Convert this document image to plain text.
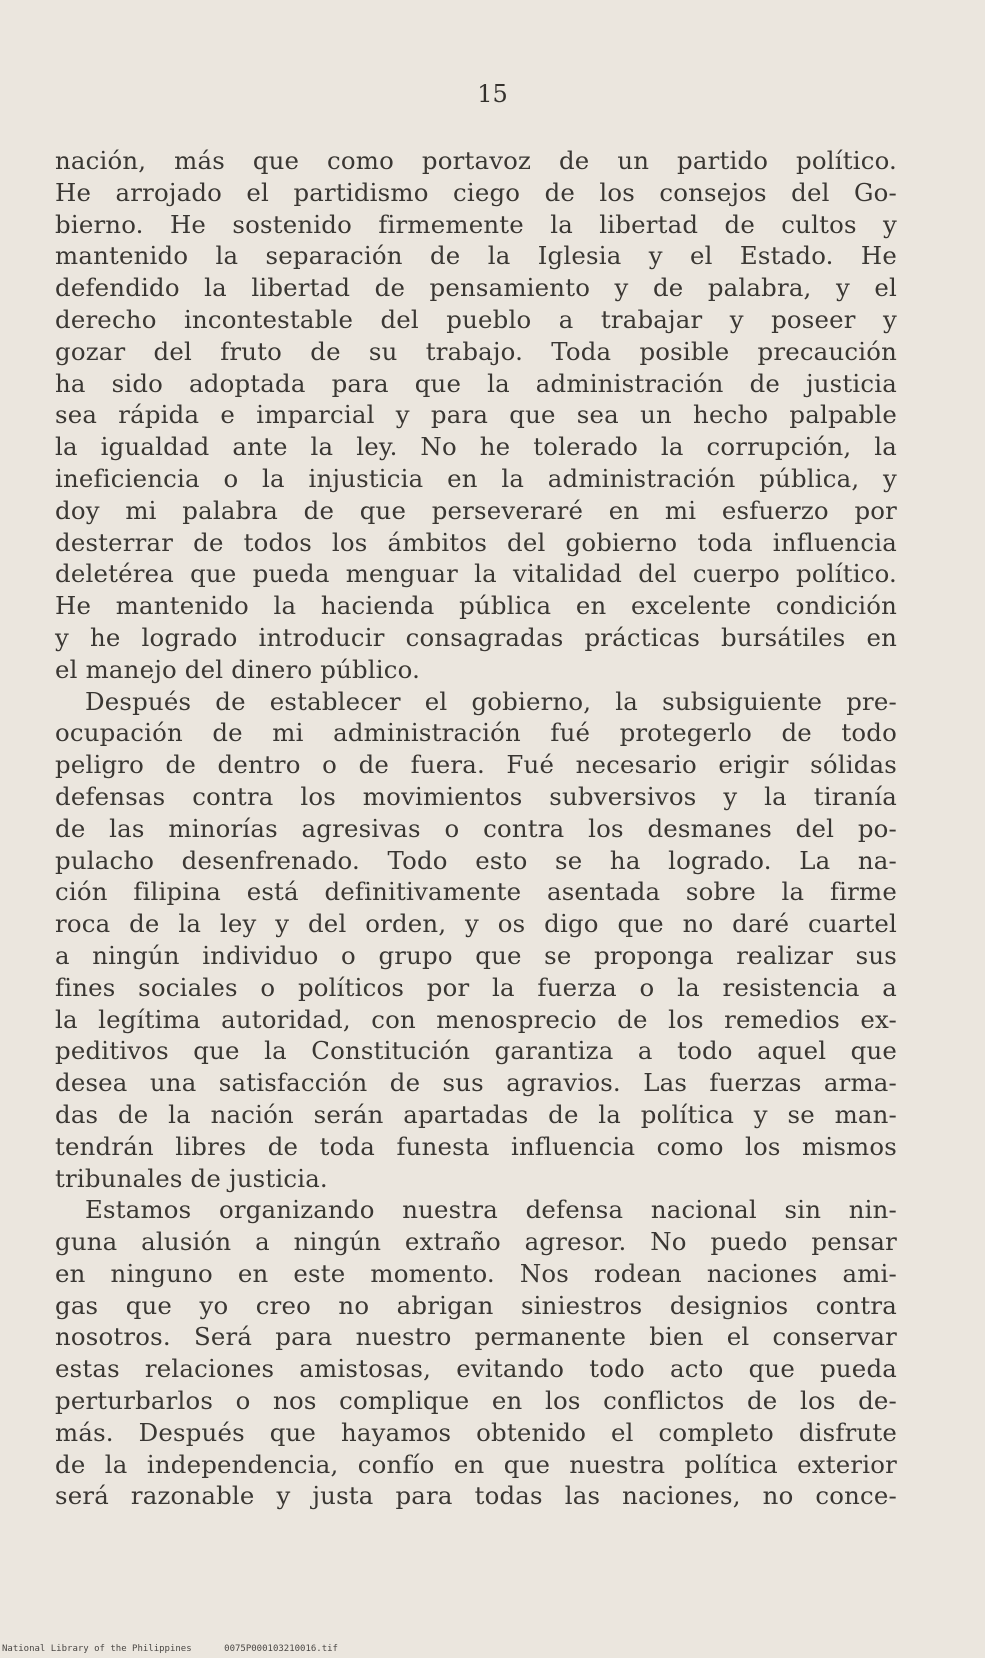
15
nación, más que como portavoz de un partido político.
He arrojado el partidismo ciego de los consejos del Go-
bierno. He sostenido firmemente la libertad de cultos y
mantenido la separación de la Iglesia y el Estado. He
defendido la libertad de pensamiento y de palabra, y el
derecho incontestable del pueblo a trabajar y poseer y
gozar del fruto de su trabajo. Toda posible precaución
ha sido adoptada para que la administración de justicia
sea rápida e imparcial y para que sea un hecho palpable
la igualdad ante la ley. No he tolerado la corrupción, la
ineficiencia o la injusticia en la administración pública, y
doy mi palabra de que perseveraré en mi esfuerzo por
desterrar de todos los ámbitos del gobierno toda influencia
deletérea que pueda menguar la vitalidad del cuerpo político.
He mantenido la hacienda pública en excelente condición
y he logrado introducir consagradas prácticas bursátiles en
el manejo del dinero público.
Después de establecer el gobierno, la subsiguiente pre-
ocupación de mi administración fué protegerlo de todo
peligro de dentro o de fuera. Fué necesario erigir sólidas
defensas contra los movimientos subversivos y la tiranía
de las minorías agresivas o contra los desmanes del po-
pulacho desenfrenado. Todo esto se ha logrado. La na-
ción filipina está definitivamente asentada sobre la firme
roca de la ley y del orden, y os digo que no daré cuartel
a ningún individuo o grupo que se proponga realizar sus
fines sociales o políticos por la fuerza o la resistencia a
la legítima autoridad, con menosprecio de los remedios ex-
peditivos que la Constitución garantiza a todo aquel que
desea una satisfacción de sus agravios. Las fuerzas arma-
das de la nación serán apartadas de la política y se man-
tendrán libres de toda funesta influencia como los mismos
tribunales de justicia.
Estamos organizando nuestra defensa nacional sin nin-
guna alusión a ningún extraño agresor. No puedo pensar
en ninguno en este momento. Nos rodean naciones ami-
gas que yo creo no abrigan siniestros designios contra
nosotros. Será para nuestro permanente bien el conservar
estas relaciones amistosas, evitando todo acto que pueda
perturbarlos o nos complique en los conflictos de los de-
más. Después que hayamos obtenido el completo disfrute
de la independencia, confío en que nuestra política exterior
será razonable y justa para todas las naciones, no conce-
National Library of the Philippines	0075P000103210016.tif
